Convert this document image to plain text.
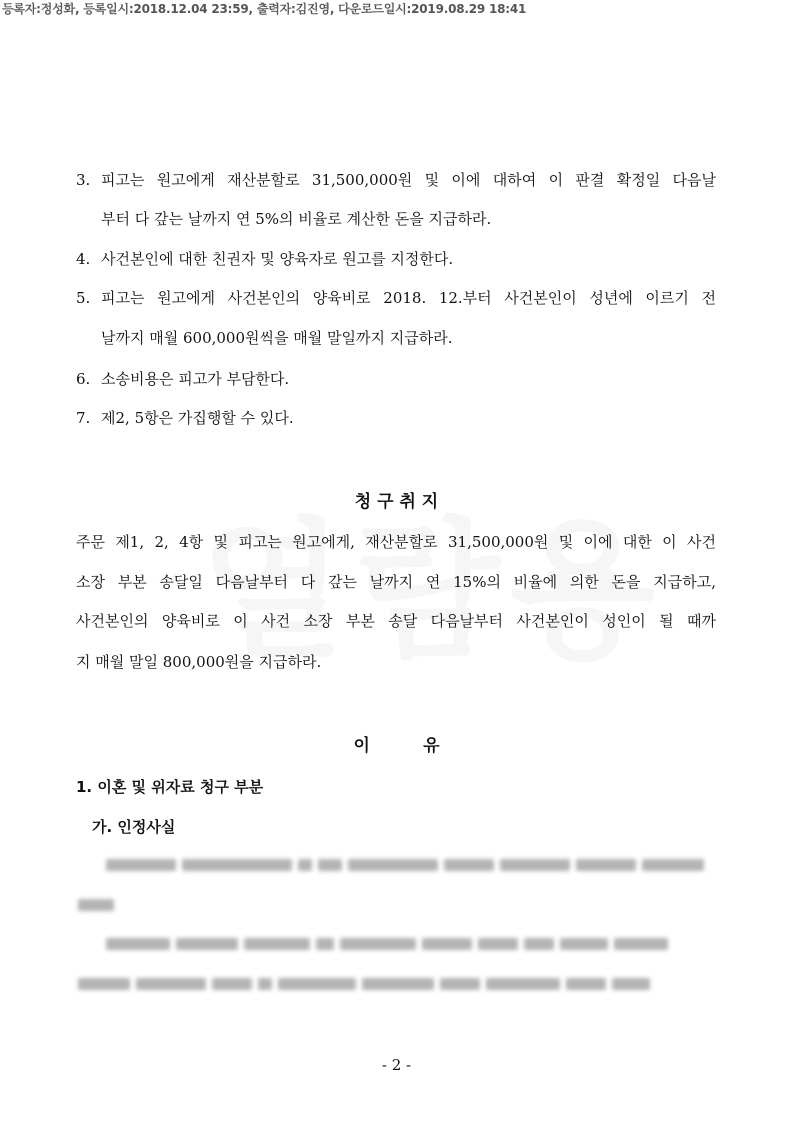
등록자:정성화, 등록일시:2018.12.04 23:59, 출력자:김진영, 다운로드일시:2019.08.29 18:41
3. 피고는 원고에게 재산분할로 31,500,000원 및 이에 대하여 이 판결 확정일 다음날
부터 다 갚는 날까지 연 5%의 비율로 계산한 돈을 지급하라.
4. 사건본인에 대한 친권자 및 양육자로 원고를 지정한다.
5. 피고는 원고에게 사건본인의 양육비로 2018. 12.부터 사건본인이 성년에 이르기 전
날까지 매월 600,000원씩을 매월 말일까지 지급하라.
6. 소송비용은 피고가 부담한다.
7. 제2, 5항은 가집행할 수 있다.
청 구 취 지
주문 제1, 2, 4항 및 피고는 원고에게, 재산분할로 31,500,000원 및 이에 대한 이 사건
소장 부본 송달일 다음날부터 다 갚는 날까지 연 15%의 비율에 의한 돈을 지급하고,
사건본인의 양육비로 이 사건 소장 부본 송달 다음날부터 사건본인이 성인이 될 때까
지 매월 말일 800,000원을 지급하라.
이         유
1. 이혼 및 위자료 청구 부분
가. 인정사실
- 2 -
